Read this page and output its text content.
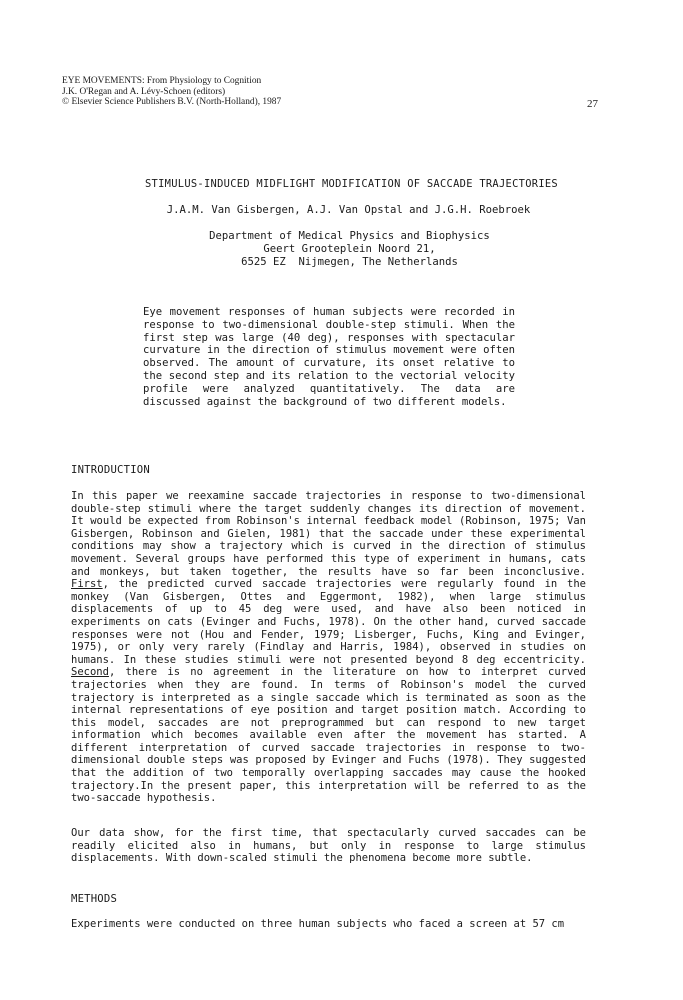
EYE MOVEMENTS: From Physiology to Cognition
J.K. O'Regan and A. Lévy-Schoen (editors)
© Elsevier Science Publishers B.V. (North-Holland), 1987	27
STIMULUS-INDUCED MIDFLIGHT MODIFICATION OF SACCADE TRAJECTORIES
J.A.M. Van Gisbergen, A.J. Van Opstal and J.G.H. Roebroek
Department of Medical Physics and Biophysics
Geert Grooteplein Noord 21,
6525 EZ  Nijmegen, The Netherlands
Eye movement responses of human subjects were recorded in response to two-dimensional double-step stimuli. When the first step was large (40 deg), responses with spectacular curvature in the direction of stimulus movement were often observed. The amount of curvature, its onset relative to the second step and its relation to the vectorial velocity profile were analyzed quantitatively. The data are discussed against the background of two different models.
INTRODUCTION
In this paper we reexamine saccade trajectories in response to two-dimensional double-step stimuli where the target suddenly changes its direction of movement. It would be expected from Robinson's internal feedback model (Robinson, 1975; Van Gisbergen, Robinson and Gielen, 1981) that the saccade under these experimental conditions may show a trajectory which is curved in the direction of stimulus movement. Several groups have performed this type of experiment in humans, cats and monkeys, but taken together, the results have so far been inconclusive. First, the predicted curved saccade trajectories were regularly found in the monkey (Van Gisbergen, Ottes and Eggermont, 1982), when large stimulus displacements of up to 45 deg were used, and have also been noticed in experiments on cats (Evinger and Fuchs, 1978). On the other hand, curved saccade responses were not (Hou and Fender, 1979; Lisberger, Fuchs, King and Evinger, 1975), or only very rarely (Findlay and Harris, 1984), observed in studies on humans. In these studies stimuli were not presented beyond 8 deg eccentricity. Second, there is no agreement in the literature on how to interpret curved trajectories when they are found. In terms of Robinson's model the curved trajectory is interpreted as a single saccade which is terminated as soon as the internal representations of eye position and target position match. According to this model, saccades are not preprogrammed but can respond to new target information which becomes available even after the movement has started. A different interpretation of curved saccade trajectories in response to two-dimensional double steps was proposed by Evinger and Fuchs (1978). They suggested that the addition of two temporally overlapping saccades may cause the hooked trajectory.In the present paper, this interpretation will be referred to as the two-saccade hypothesis.
Our data show, for the first time, that spectacularly curved saccades can be readily elicited also in humans, but only in response to large stimulus displacements. With down-scaled stimuli the phenomena become more subtle.
METHODS
Experiments were conducted on three human subjects who faced a screen at 57 cm
